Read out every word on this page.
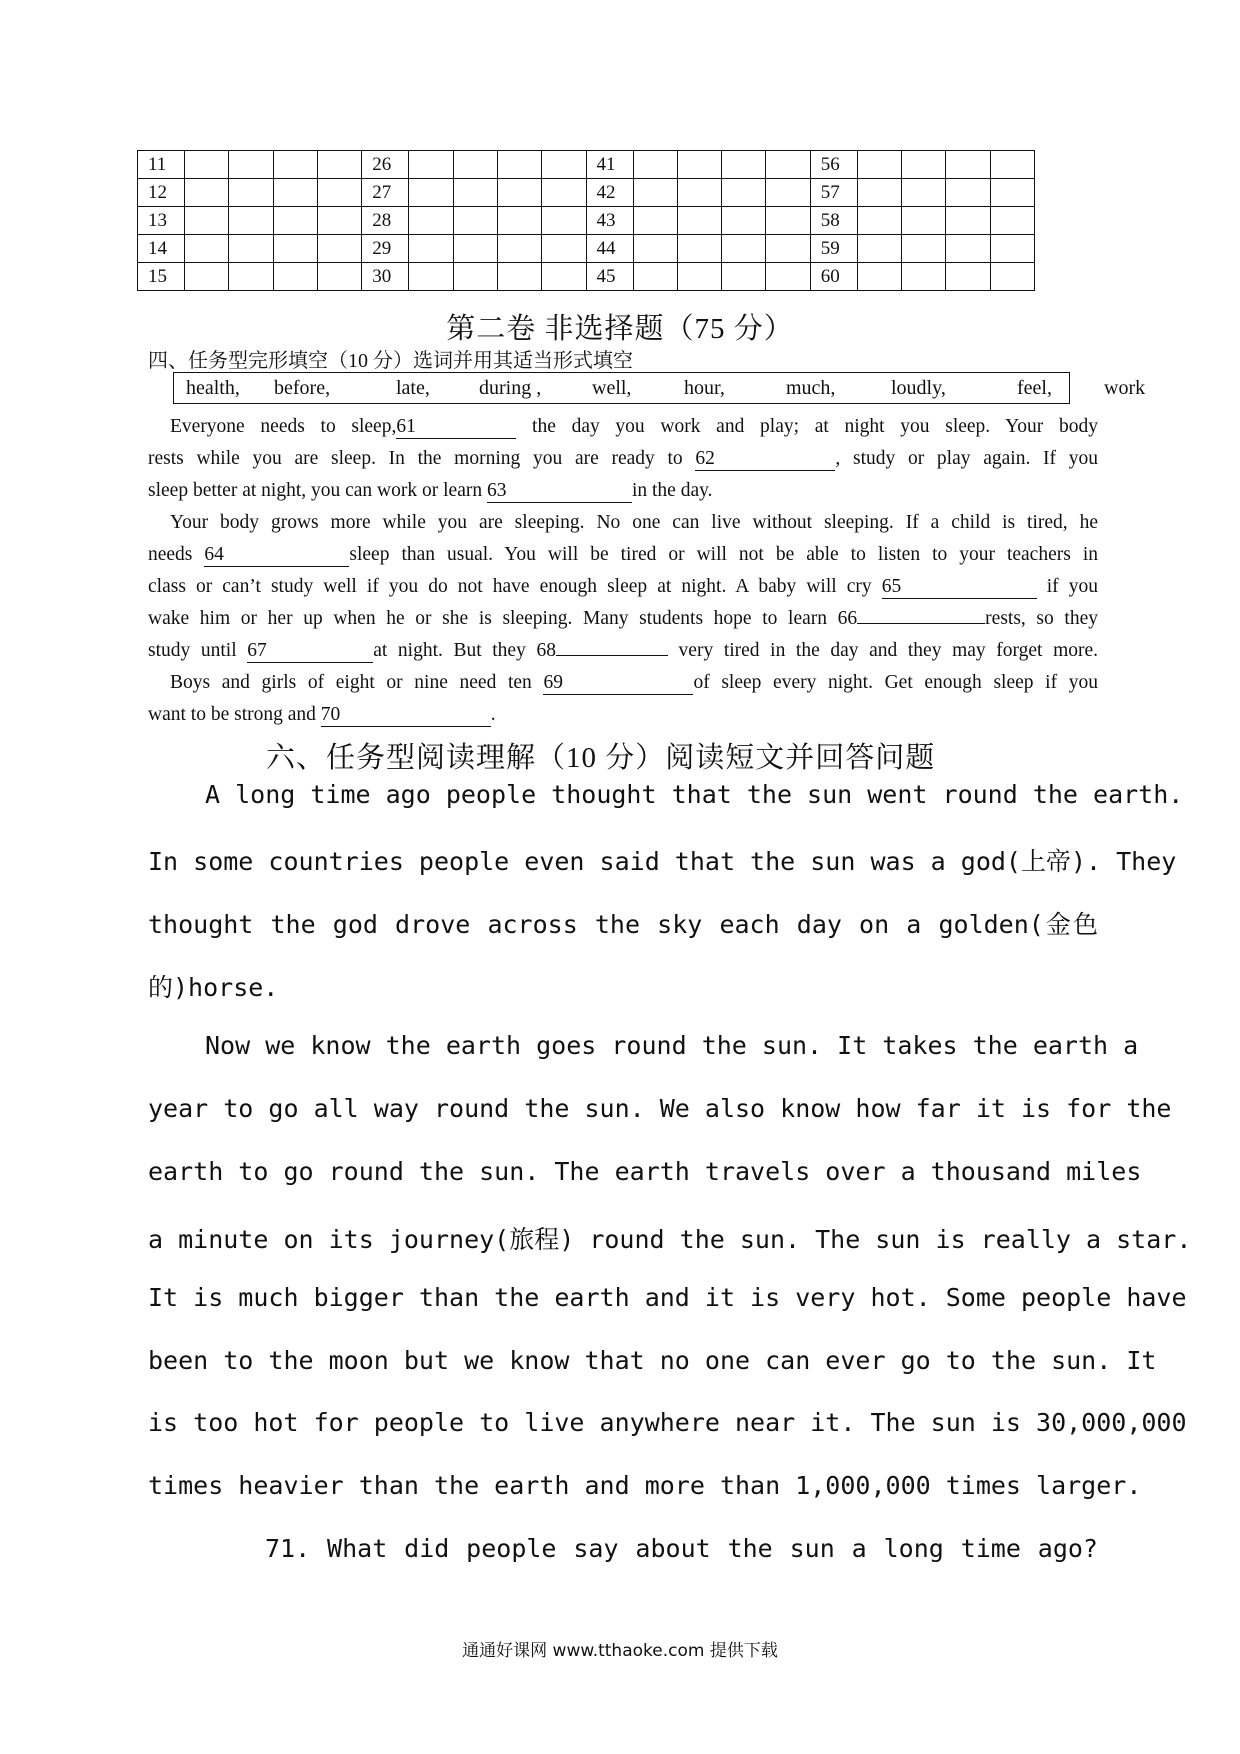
11					26					41					56				
12					27					42					57				
13					28					43					58				
14					29					44					59				
15					30					45					60				
第二卷 非选择题（75 分）
四、任务型完形填空（10 分）选词并用其适当形式填空
health, before,	late, during ,	well,	hour,	much,	loudly,	feel,	work
Everyone needs to sleep,61	the day you work and play; at night you sleep. Your body
rests while you are sleep. In the morning you are ready to 62	, study or play again. If you
sleep better at night, you can work or learn 63	in the day.
Your body grows more while you are sleeping. No one can live without sleeping. If a child is tired, he
needs 64	sleep than usual. You will be tired or will not be able to listen to your teachers in
class or can’t study well if you do not have enough sleep at night. A baby will cry 65	if you
wake him or her up when he or she is sleeping. Many students hope to learn 66	rests, so they
study until 67	at night. But they 68	very tired in the day and they may forget more.
Boys and girls of eight or nine need ten 69	of sleep every night. Get enough sleep if you
want to be strong and 70	.
六、任务型阅读理解（10 分）阅读短文并回答问题
A long time ago people thought that the sun went round the earth.
In some countries people even said that the sun was a god(上帝). They
thought the god drove across the sky each day on a golden(金色
的)horse.
Now we know the earth goes round the sun. It takes the earth a
year to go all way round the sun. We also know how far it is for the
earth to go round the sun. The earth travels over a thousand miles
a minute on its journey(旅程) round the sun. The sun is really a star.
It is much bigger than the earth and it is very hot. Some people have
been to the moon but we know that no one can ever go to the sun. It
is too hot for people to live anywhere near it. The sun is 30,000,000
times heavier than the earth and more than 1,000,000 times larger.
71. What did people say about the sun a long time ago?
通通好课网 www.tthaoke.com 提供下载
